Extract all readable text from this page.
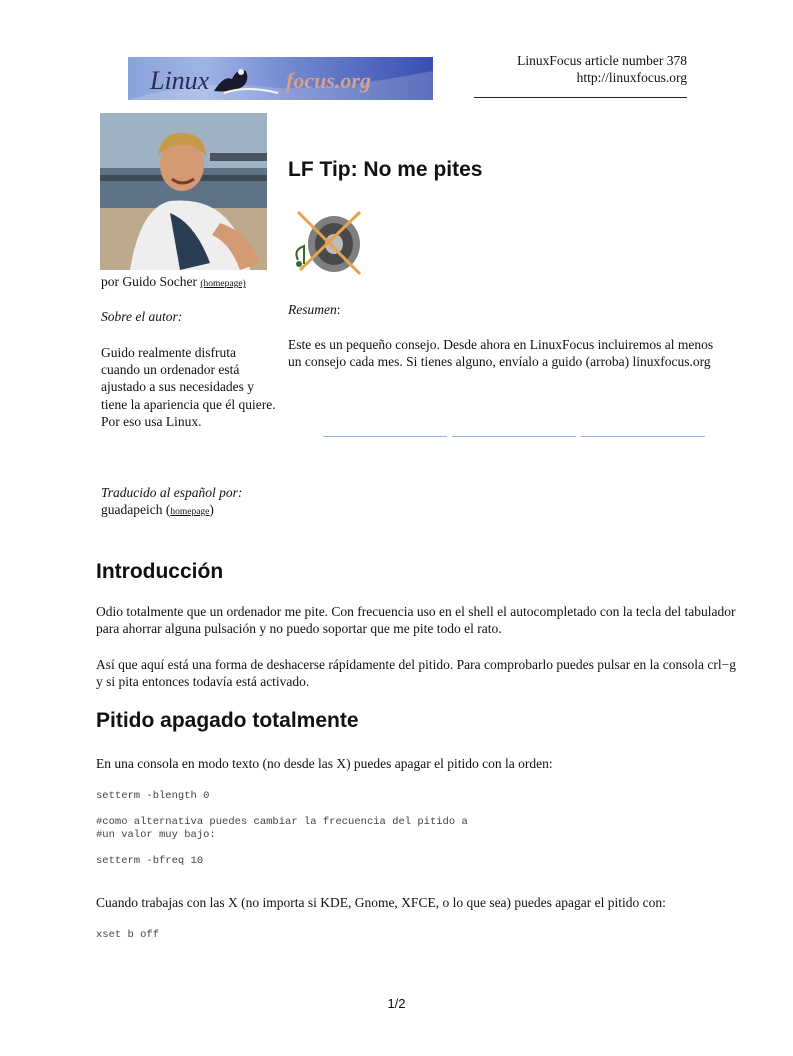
LinuxFocus article number 378
http://linuxfocus.org
Linux	focus.org
por Guido Socher (homepage)
Sobre el autor:
Guido realmente disfruta cuando un ordenador está ajustado a sus necesidades y tiene la apariencia que él quiere. Por eso usa Linux.
Traducido al español por:
guadapeich (homepage)
LF Tip: No me pites
Resumen:
Este es un pequeño consejo. Desde ahora en LinuxFocus incluiremos al menos un consejo cada mes. Si tienes alguno, envíalo a guido (arroba) linuxfocus.org
Introducción
Odio totalmente que un ordenador me pite. Con frecuencia uso en el shell el autocompletado con la tecla del tabulador para ahorrar alguna pulsación y no puedo soportar que me pite todo el rato.
Así que aquí está una forma de deshacerse rápidamente del pitido. Para comprobarlo puedes pulsar en la consola crl−g y si pita entonces todavía está activado.
Pitido apagado totalmente
En una consola en modo texto (no desde las X) puedes apagar el pitido con la orden:
setterm -blength 0

#como alternativa puedes cambiar la frecuencia del pitido a
#un valor muy bajo:

setterm -bfreq 10
Cuando trabajas con las X (no importa si KDE, Gnome, XFCE, o lo que sea) puedes apagar el pitido con:
xset b off
1/2
